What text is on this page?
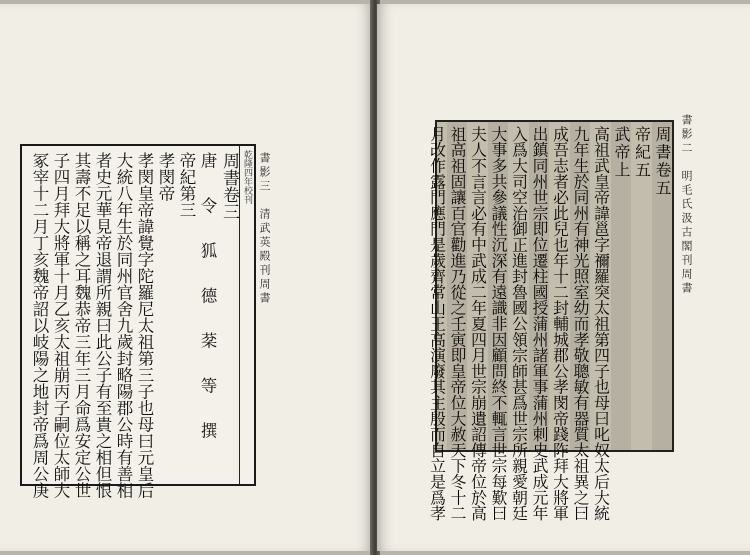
書影三　清武英殿刊周書
乾隆四年校刊
周書卷三
唐　令　狐　德　棻　等　撰
帝紀第三
孝閔帝
孝閔皇帝諱覺字陀羅尼太祖第三子也母曰元皇后
大統八年生於同州官舍九歲封略陽郡公時有善相
者史元華見帝退謂所親曰此公子有至貴之相但恨
其壽不足以稱之耳魏恭帝三年三月命爲安定公世
子四月拜大將軍十月乙亥太祖崩丙子嗣位太師大
冢宰十二月丁亥魏帝詔以岐陽之地封帝爲周公庚	書影二　明毛氏汲古閣刊周書
周書卷五
帝紀五
武帝上
高祖武皇帝諱邕字禰羅突太祖第四子也母曰叱奴太后大統
九年生於同州有神光照室幼而孝敬聰敏有器質太祖異之曰
成吾志者必此兒也年十二封輔城郡公孝閔帝踐阼拜大將軍
出鎮同州世宗即位遷柱國授蒲州諸軍事蒲州刺史武成元年
入爲大司空治御正進封魯國公領宗師甚爲世宗所親愛朝廷
大事多共參議性沉深有遠識非因顧問終不輒言世宗每歎曰
夫人不言言必有中武成二年夏四月世宗崩遺詔傳帝位於高
祖高祖固讓百官勸進乃從之壬寅即皇帝位大赦天下冬十二
月改作露門應門是歲齊常山王高演廢其主殷而自立是爲孝
